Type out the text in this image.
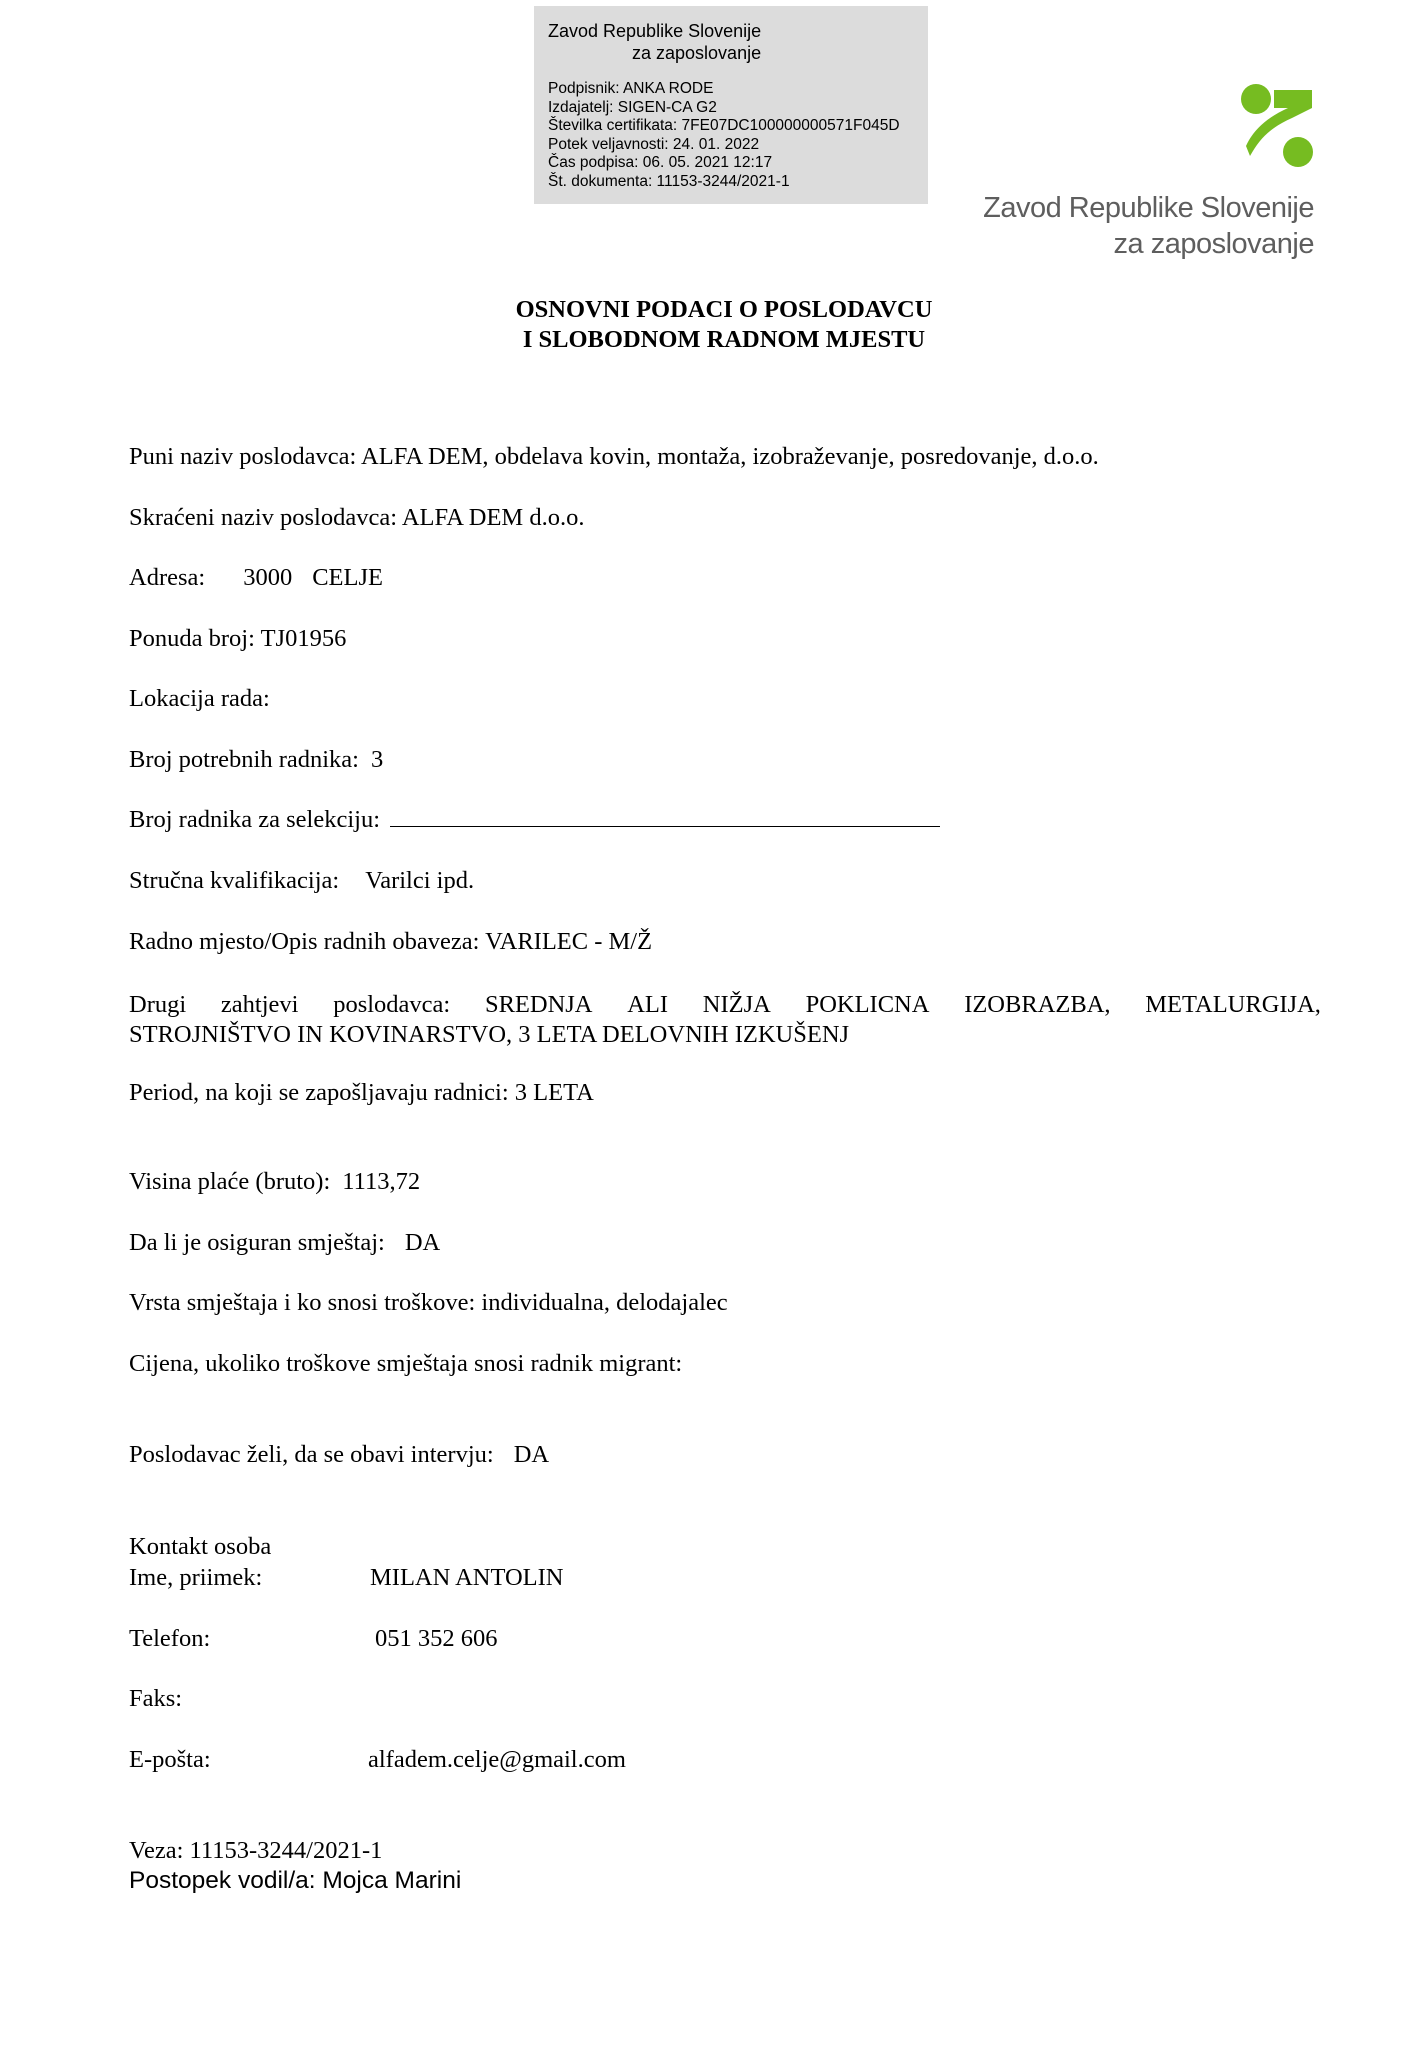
Zavod Republike Slovenije
za zaposlovanje
Podpisnik: ANKA RODE
Izdajatelj: SIGEN-CA G2
Številka certifikata: 7FE07DC100000000571F045D
Potek veljavnosti: 24. 01. 2022
Čas podpisa: 06. 05. 2021 12:17
Št. dokumenta: 11153-3244/2021-1
Zavod Republike Slovenije
za zaposlovanje
OSNOVNI PODACI O POSLODAVCU
I SLOBODNOM RADNOM MJESTU
Puni naziv poslodavca: ALFA DEM, obdelava kovin, montaža, izobraževanje, posredovanje, d.o.o.
Skraćeni naziv poslodavca: ALFA DEM d.o.o.
Adresa: 3000 CELJE
Ponuda broj: TJ01956
Lokacija rada:
Broj potrebnih radnika: 3
Broj radnika za selekciju:
Stručna kvalifikacija: Varilci ipd.
Radno mjesto/Opis radnih obaveza: VARILEC - M/Ž
Drugi zahtjevi poslodavca: SREDNJA ALI NIŽJA POKLICNA IZOBRAZBA, METALURGIJA,
STROJNIŠTVO IN KOVINARSTVO, 3 LETA DELOVNIH IZKUŠENJ
Period, na koji se zapošljavaju radnici: 3 LETA
Visina plaće (bruto): 1113,72
Da li je osiguran smještaj: DA
Vrsta smještaja i ko snosi troškove: individualna, delodajalec
Cijena, ukoliko troškove smještaja snosi radnik migrant:
Poslodavac želi, da se obavi intervju: DA
Kontakt osoba
Ime, priimek:	MILAN ANTOLIN
Telefon:	051 352 606
Faks:
E-pošta:	alfadem.celje@gmail.com
Veza: 11153-3244/2021-1
Postopek vodil/a: Mojca Marini
